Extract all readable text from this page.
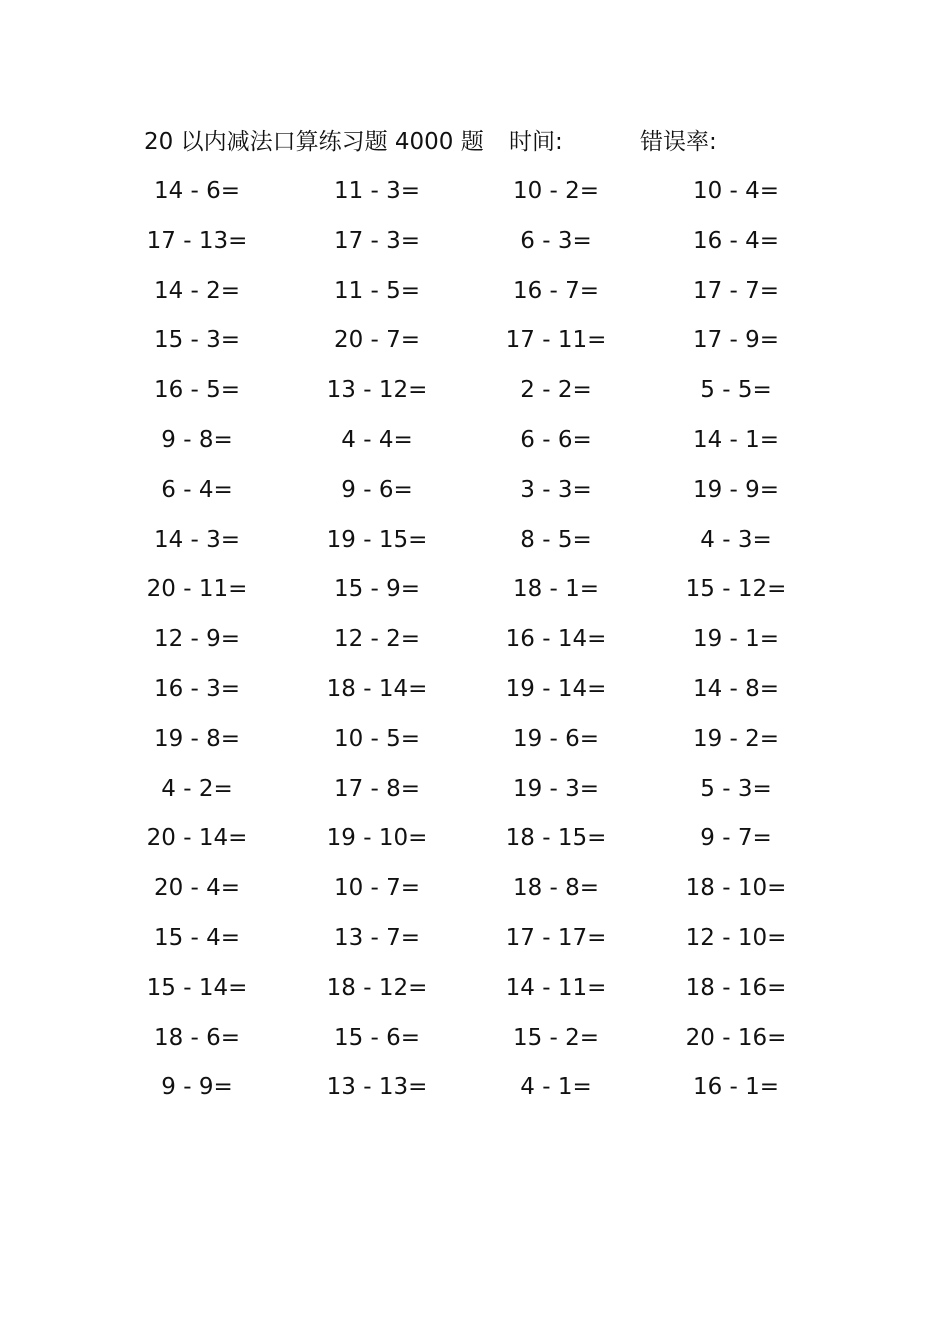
20 以内减法口算练习题 4000 题 时间:	错误率:
14 - 6=	11 - 3=	10 - 2=	10 - 4=
17 - 13=	17 - 3=	6 - 3=	16 - 4=
14 - 2=	11 - 5=	16 - 7=	17 - 7=
15 - 3=	20 - 7=	17 - 11=	17 - 9=
16 - 5=	13 - 12=	2 - 2=	5 - 5=
9 - 8=	4 - 4=	6 - 6=	14 - 1=
6 - 4=	9 - 6=	3 - 3=	19 - 9=
14 - 3=	19 - 15=	8 - 5=	4 - 3=
20 - 11=	15 - 9=	18 - 1=	15 - 12=
12 - 9=	12 - 2=	16 - 14=	19 - 1=
16 - 3=	18 - 14=	19 - 14=	14 - 8=
19 - 8=	10 - 5=	19 - 6=	19 - 2=
4 - 2=	17 - 8=	19 - 3=	5 - 3=
20 - 14=	19 - 10=	18 - 15=	9 - 7=
20 - 4=	10 - 7=	18 - 8=	18 - 10=
15 - 4=	13 - 7=	17 - 17=	12 - 10=
15 - 14=	18 - 12=	14 - 11=	18 - 16=
18 - 6=	15 - 6=	15 - 2=	20 - 16=
9 - 9=	13 - 13=	4 - 1=	16 - 1=
